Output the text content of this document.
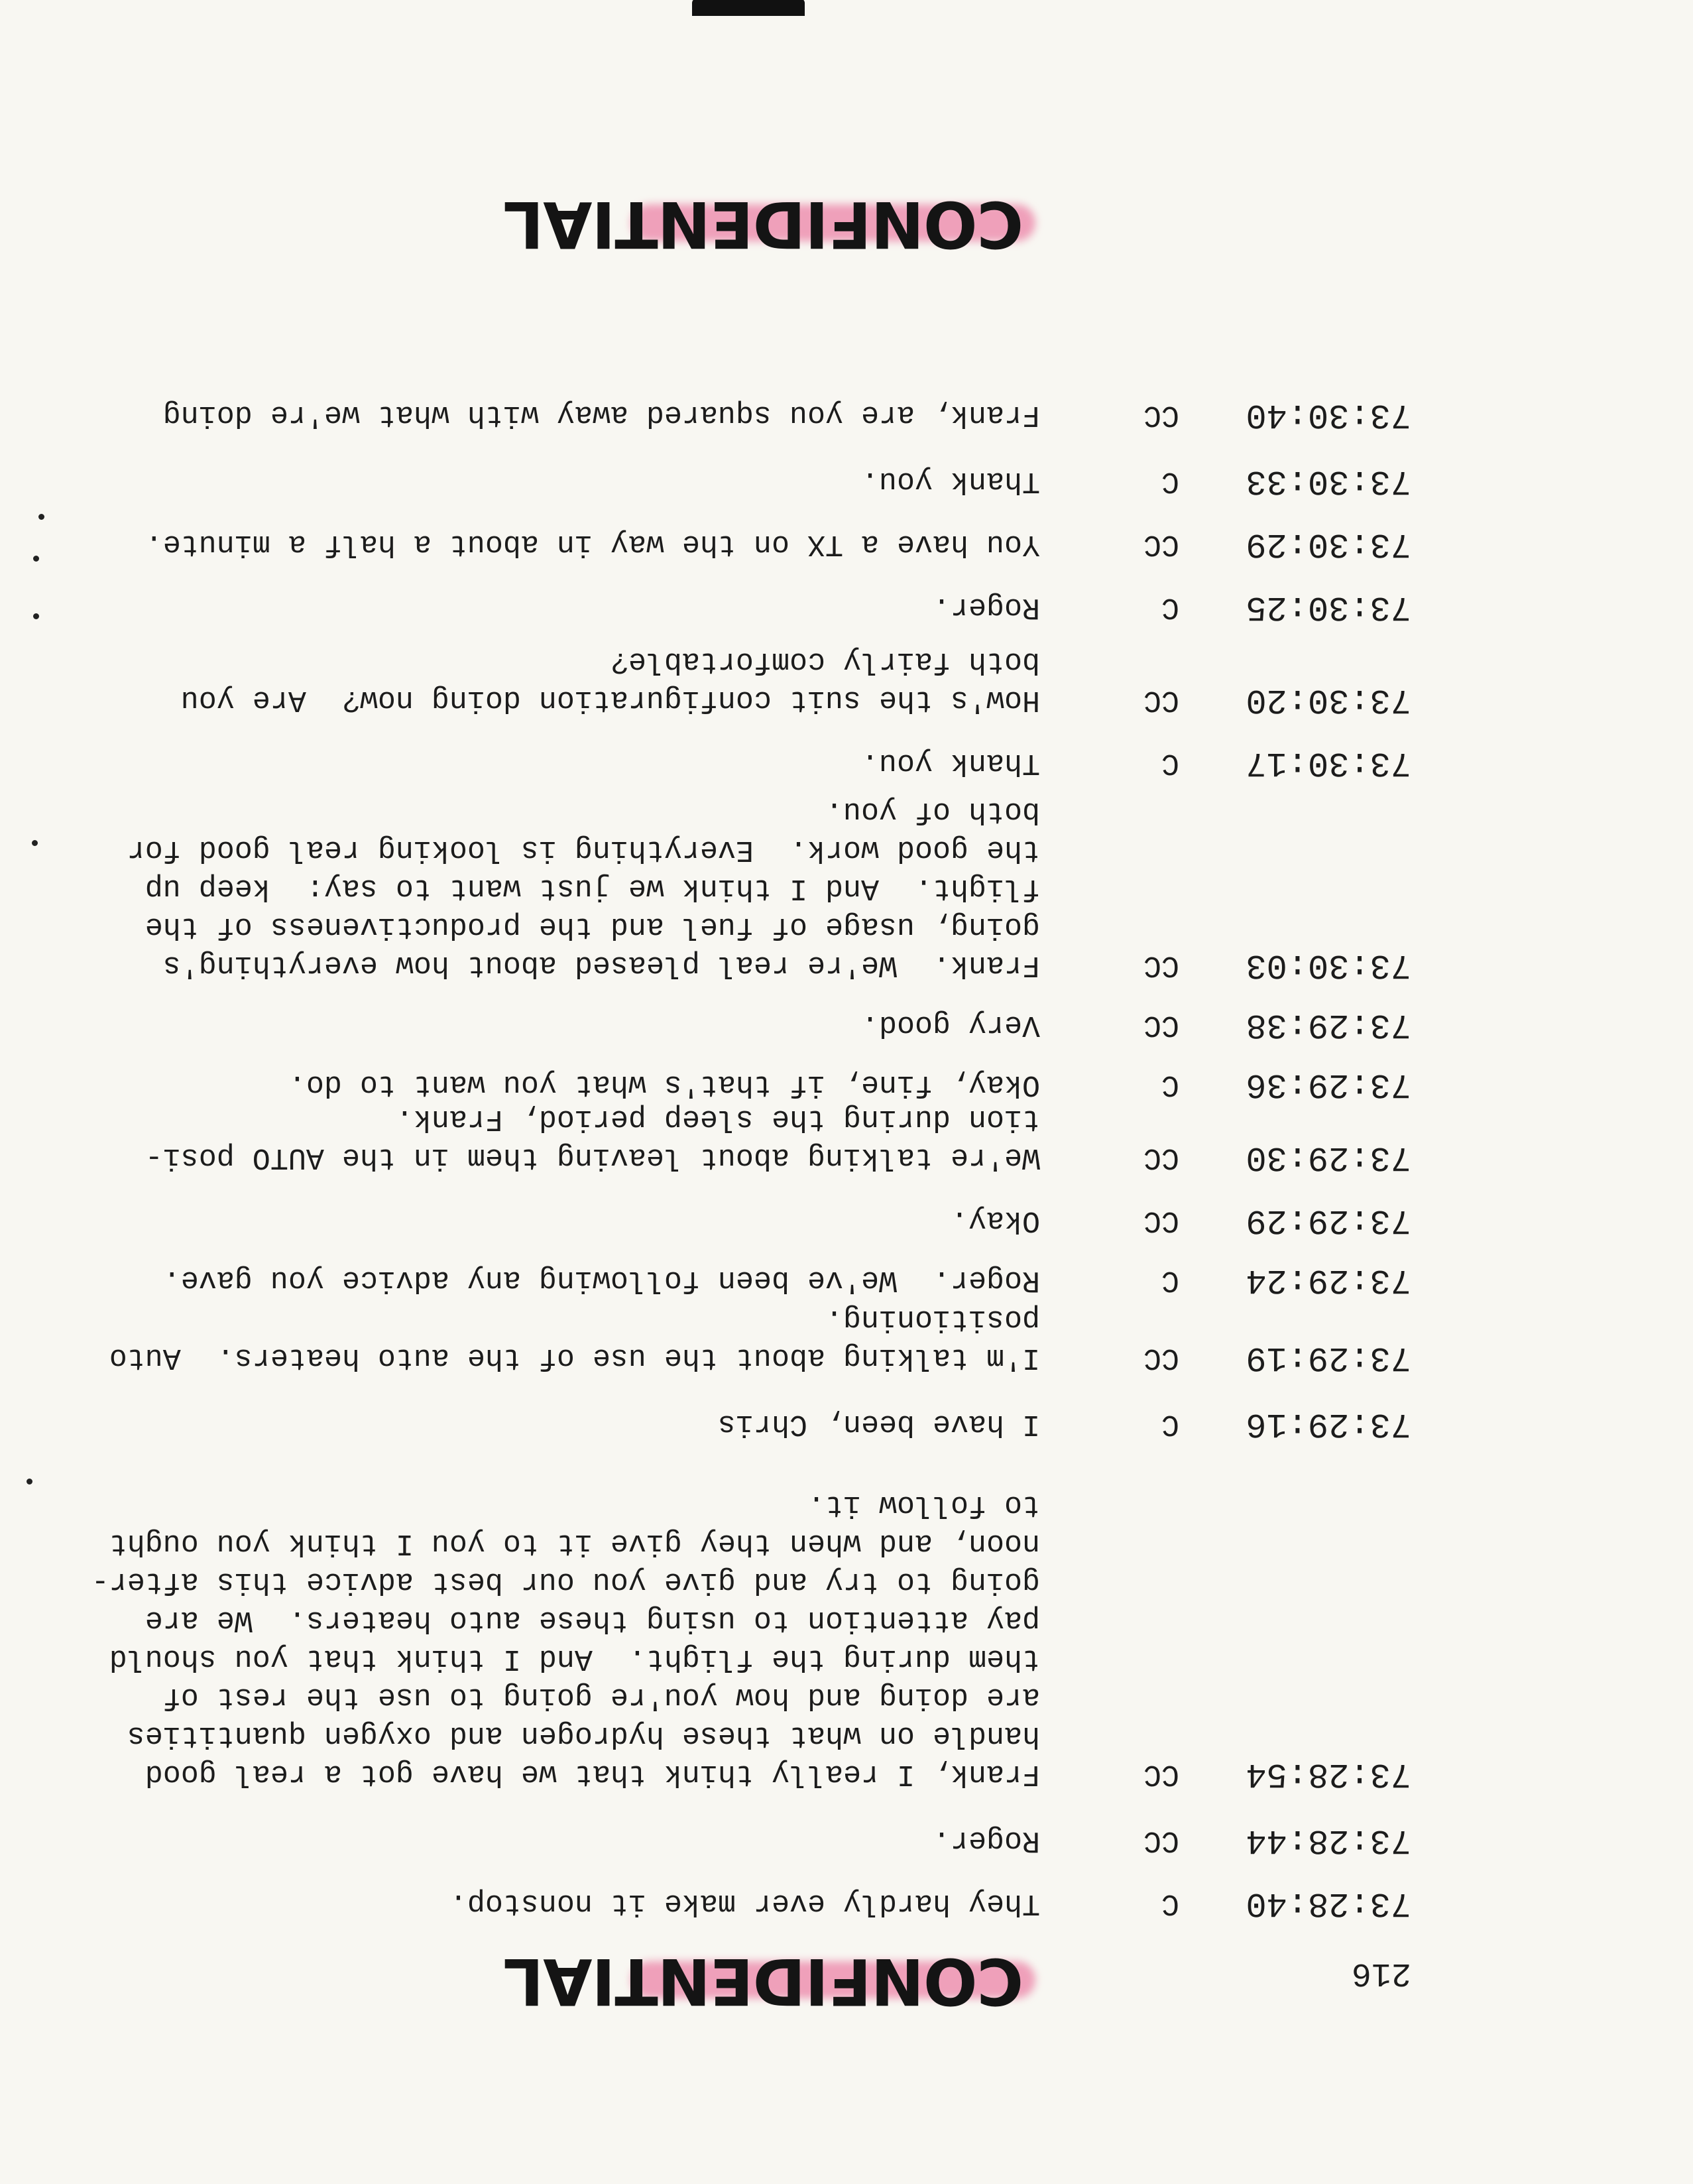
216
CONFIDENTIAL
73:28:40
C
They hardly ever make it nonstop.
73:28:44
CC
Roger.
73:28:54
CC
Frank, I really think that we have got a real good
handle on what these hydrogen and oxygen quantities
are doing and how you're going to use the rest of
them during the flight.  And I think that you should
pay attention to using these auto heaters.  We are
going to try and give you our best advice this after-
noon, and when they give it to you I think you ought
to follow it.
73:29:16
C
I have been, Chris
73:29:19
CC
I'm talking about the use of the auto heaters.  Auto
positioning.
73:29:24
C
Roger.  We've been following any advice you gave.
73:29:29
CC
Okay.
73:29:30
CC
We're talking about leaving them in the AUTO posi-
tion during the sleep period, Frank.
73:29:36
C
Okay, fine, if that's what you want to do.
73:29:38
CC
Very good.
73:30:03
CC
Frank.  We're real pleased about how everything's
going, usage of fuel and the productiveness of the
flight.  And I think we just want to say:  keep up
the good work.  Everything is looking real good for
both of you.
73:30:17
C
Thank you.
73:30:20
CC
How's the suit configuration doing now?  Are you
both fairly comfortable?
73:30:25
C
Roger.
73:30:29
CC
You have a TX on the way in about a half a minute.
73:30:33
C
Thank you.
73:30:40
CC
Frank, are you squared away with what we're doing
CONFIDENTIAL
